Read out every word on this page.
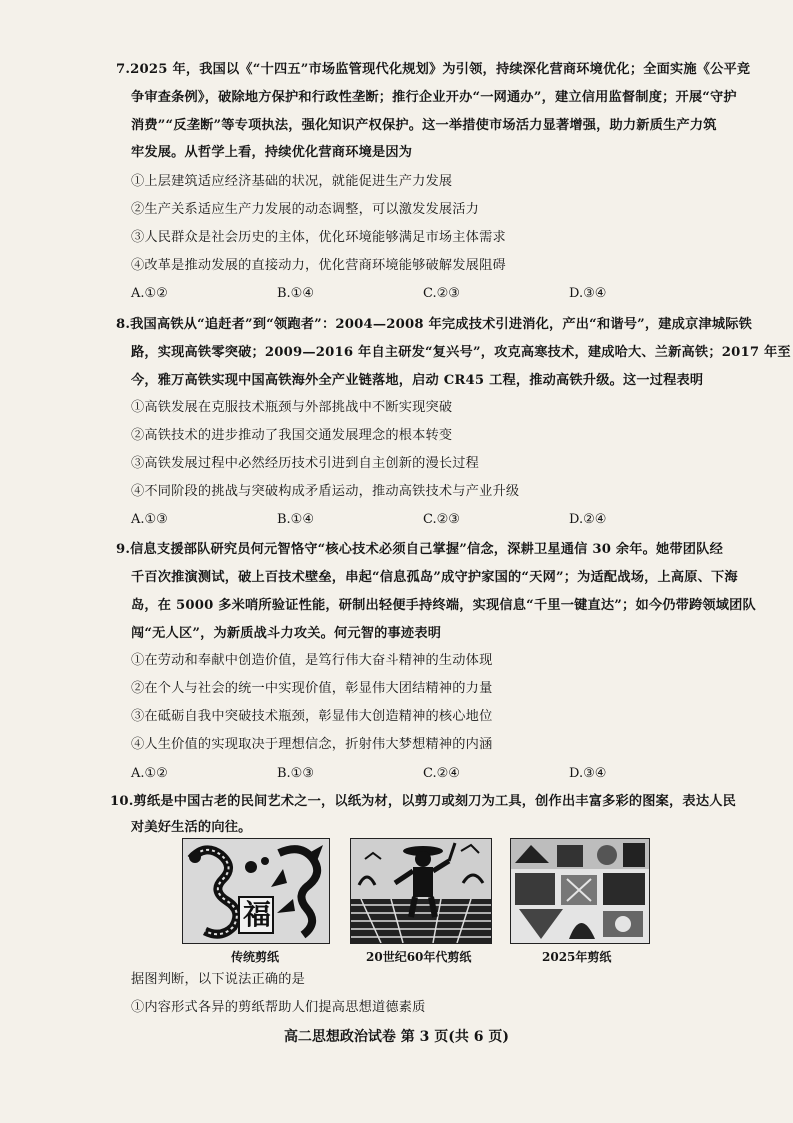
7.2025 年，我国以《“十四五”市场监管现代化规划》为引领，持续深化营商环境优化；全面实施《公平竞
争审查条例》，破除地方保护和行政性垄断；推行企业开办“一网通办”，建立信用监督制度；开展“守护
消费”“反垄断”等专项执法，强化知识产权保护。这一举措使市场活力显著增强，助力新质生产力筑
牢发展。从哲学上看，持续优化营商环境是因为
①上层建筑适应经济基础的状况，就能促进生产力发展
②生产关系适应生产力发展的动态调整，可以激发发展活力
③人民群众是社会历史的主体，优化环境能够满足市场主体需求
④改革是推动发展的直接动力，优化营商环境能够破解发展阻碍
A.①②	B.①④	C.②③	D.③④
8.我国高铁从“追赶者”到“领跑者”：2004—2008 年完成技术引进消化，产出“和谐号”，建成京津城际铁
路，实现高铁零突破；2009—2016 年自主研发“复兴号”，攻克高寒技术，建成哈大、兰新高铁；2017 年至
今，雅万高铁实现中国高铁海外全产业链落地，启动 CR45 工程，推动高铁升级。这一过程表明
①高铁发展在克服技术瓶颈与外部挑战中不断实现突破
②高铁技术的进步推动了我国交通发展理念的根本转变
③高铁发展过程中必然经历技术引进到自主创新的漫长过程
④不同阶段的挑战与突破构成矛盾运动，推动高铁技术与产业升级
A.①③	B.①④	C.②③	D.②④
9.信息支援部队研究员何元智恪守“核心技术必须自己掌握”信念，深耕卫星通信 30 余年。她带团队经
千百次推演测试，破上百技术壁垒，串起“信息孤岛”成守护家国的“天网”；为适配战场，上高原、下海
岛，在 5000 多米哨所验证性能，研制出轻便手持终端，实现信息“千里一键直达”；如今仍带跨领域团队
闯“无人区”，为新质战斗力攻关。何元智的事迹表明
①在劳动和奉献中创造价值，是笃行伟大奋斗精神的生动体现
②在个人与社会的统一中实现价值，彰显伟大团结精神的力量
③在砥砺自我中突破技术瓶颈，彰显伟大创造精神的核心地位
④人生价值的实现取决于理想信念，折射伟大梦想精神的内涵
A.①②	B.①③	C.②④	D.③④
10.剪纸是中国古老的民间艺术之一，以纸为材，以剪刀或刻刀为工具，创作出丰富多彩的图案，表达人民
对美好生活的向往。
福
传统剪纸	20世纪60年代剪纸	2025年剪纸
据图判断，以下说法正确的是
①内容形式各异的剪纸帮助人们提高思想道德素质
高二思想政治试卷 第 3 页(共 6 页)
